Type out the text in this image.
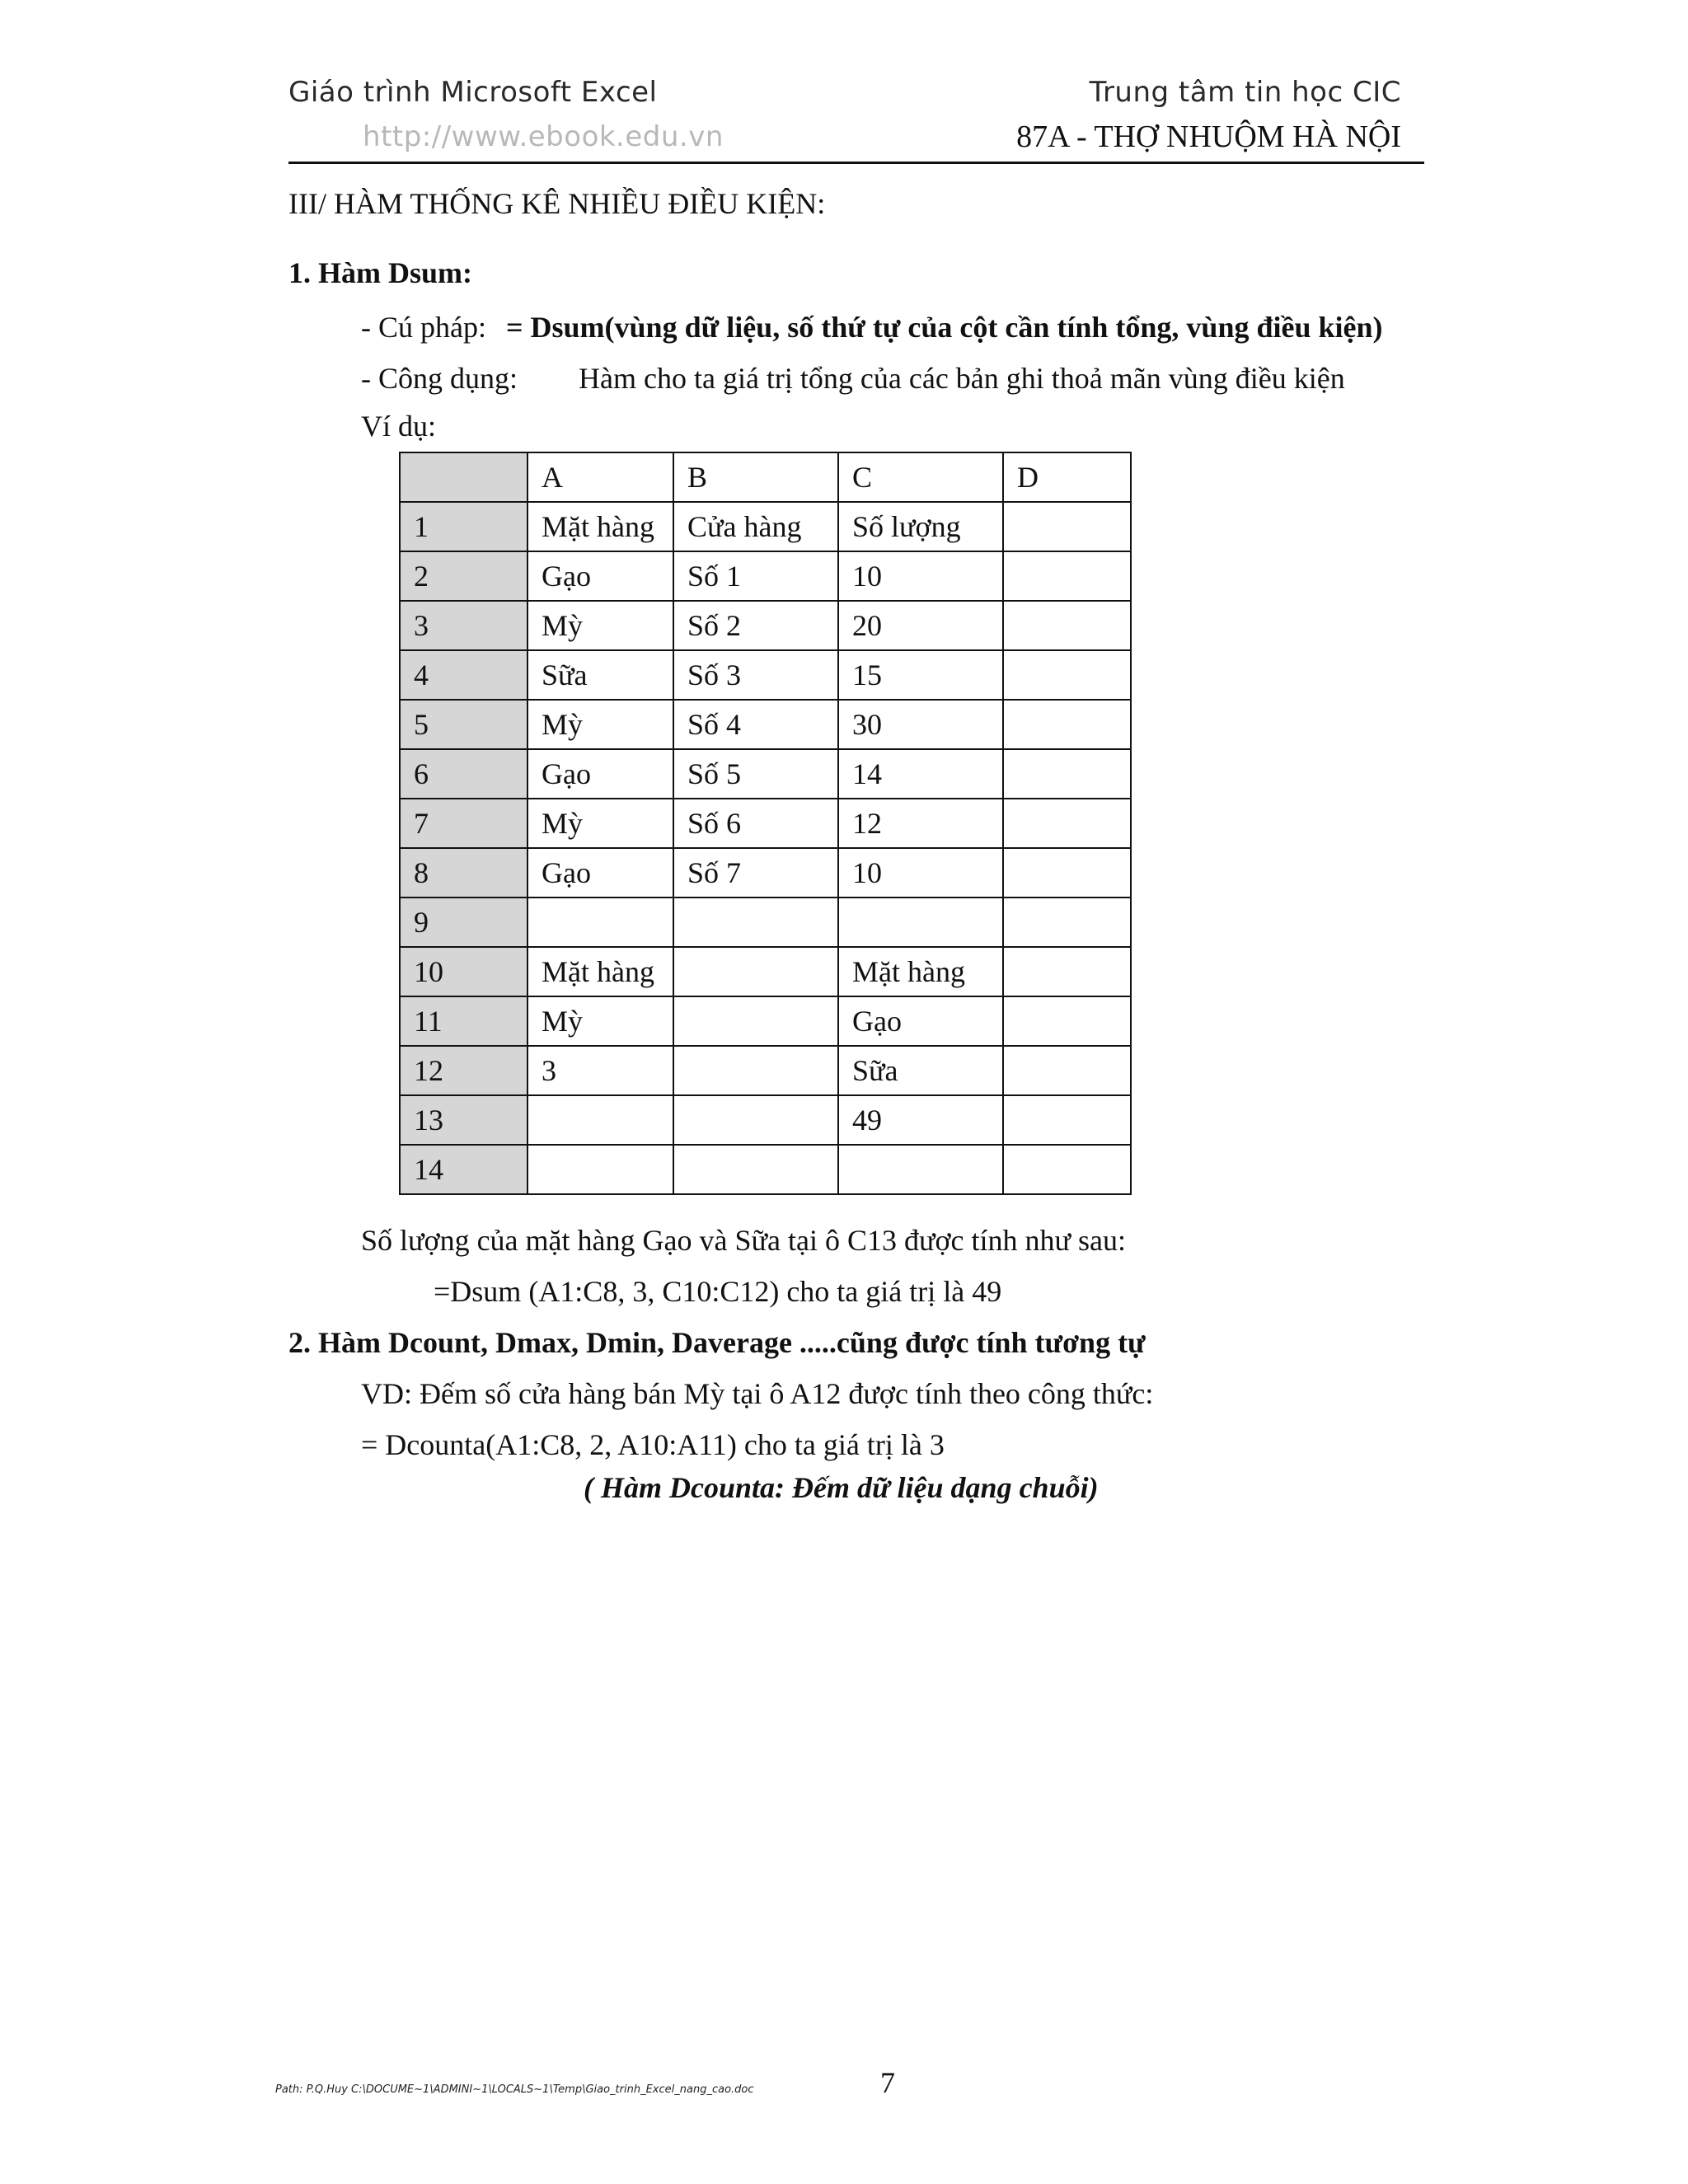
Giáo trình Microsoft Excel
http://www.ebook.edu.vn
Trung tâm tin học CIC
87A - THỢ NHUỘM HÀ NỘI
III/ HÀM THỐNG KÊ NHIỀU ĐIỀU KIỆN:
1. Hàm Dsum:
- Cú pháp: = Dsum(vùng dữ liệu, số thứ tự của cột cần tính tổng, vùng điều kiện)
- Công dụng: Hàm cho ta giá trị tổng của các bản ghi thoả mãn vùng điều kiện
Ví dụ:
	A	B	C	D
1	Mặt hàng	Cửa hàng	Số lượng	
2	Gạo	Số 1	10	
3	Mỳ	Số 2	20	
4	Sữa	Số 3	15	
5	Mỳ	Số 4	30	
6	Gạo	Số 5	14	
7	Mỳ	Số 6	12	
8	Gạo	Số 7	10	
9				
10	Mặt hàng		Mặt hàng	
11	Mỳ		Gạo	
12	3		Sữa	
13			49	
14				
Số lượng của mặt hàng Gạo và Sữa tại ô C13 được tính như sau:
=Dsum (A1:C8, 3, C10:C12) cho ta giá trị là 49
2. Hàm Dcount, Dmax, Dmin, Daverage .....cũng được tính tương tự
VD: Đếm số cửa hàng bán Mỳ tại ô A12 được tính theo công thức:
= Dcounta(A1:C8, 2, A10:A11) cho ta giá trị là 3
( Hàm Dcounta: Đếm dữ liệu dạng chuỗi)
Path: P.Q.Huy C:\DOCUME~1\ADMINI~1\LOCALS~1\Temp\Giao_trinh_Excel_nang_cao.doc	7
